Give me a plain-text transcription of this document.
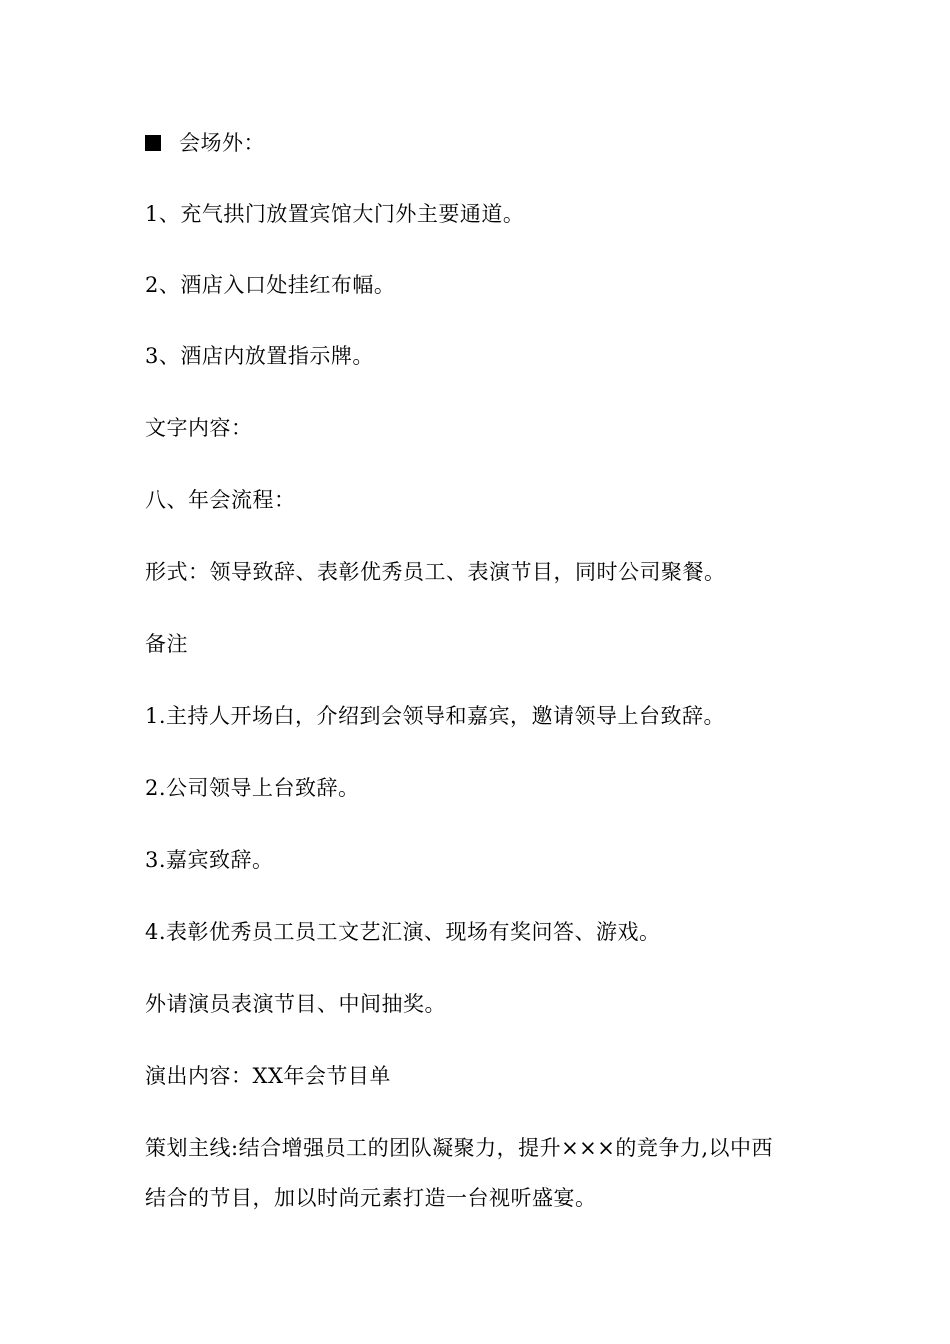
会场外：
1、充气拱门放置宾馆大门外主要通道。
2、酒店入口处挂红布幅。
3、酒店内放置指示牌。
文字内容：
八、年会流程：
形式：领导致辞、表彰优秀员工、表演节目，同时公司聚餐。
备注
1.主持人开场白，介绍到会领导和嘉宾，邀请领导上台致辞。
2.公司领导上台致辞。
3.嘉宾致辞。
4.表彰优秀员工员工文艺汇演、现场有奖问答、游戏。
外请演员表演节目、中间抽奖。
演出内容：XX年会节目单
策划主线:结合增强员工的团队凝聚力，提升×××的竞争力,以中西
结合的节目，加以时尚元素打造一台视听盛宴。
